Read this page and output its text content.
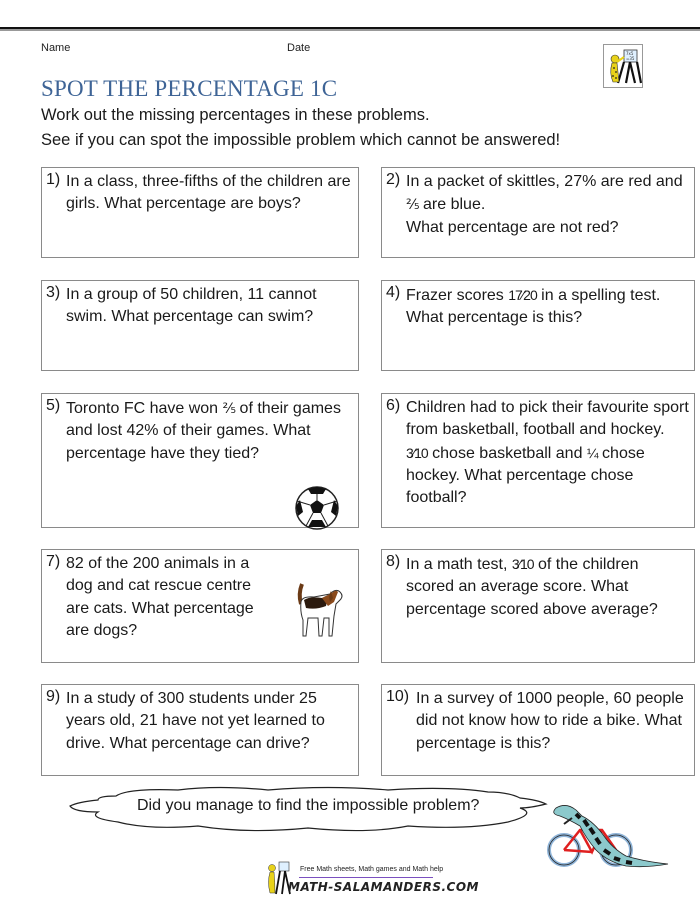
Name	Date	7x5
=35
SPOT THE PERCENTAGE 1C
Work out the missing percentages in these problems.
See if you can spot the impossible problem which cannot be answered!
1) In a class, three-fifths of the children are girls. What percentage are boys?
2) In a packet of skittles, 27% are red and ⅖ are blue.
What percentage are not red?
3) In a group of 50 children, 11 cannot swim. What percentage can swim?
4) Frazer scores 17⁄20 in a spelling test. What percentage is this?
5) Toronto FC have won ⅖ of their games and lost 42% of their games. What percentage have they tied?
6) Children had to pick their favourite sport from basketball, football and hockey. 3⁄10 chose basketball and ¼ chose hockey. What percentage chose football?
7) 82 of the 200 animals in a dog and cat rescue centre are cats. What percentage are dogs?
8) In a math test, 3⁄10 of the children scored an average score. What percentage scored above average?
9) In a study of 300 students under 25 years old, 21 have not yet learned to drive. What percentage can drive?
10) In a survey of 1000 people, 60 people did not know how to ride a bike. What percentage is this?
Did you manage to find the impossible problem?
Free Math sheets, Math games and Math help
MATH-SALAMANDERS.COM
